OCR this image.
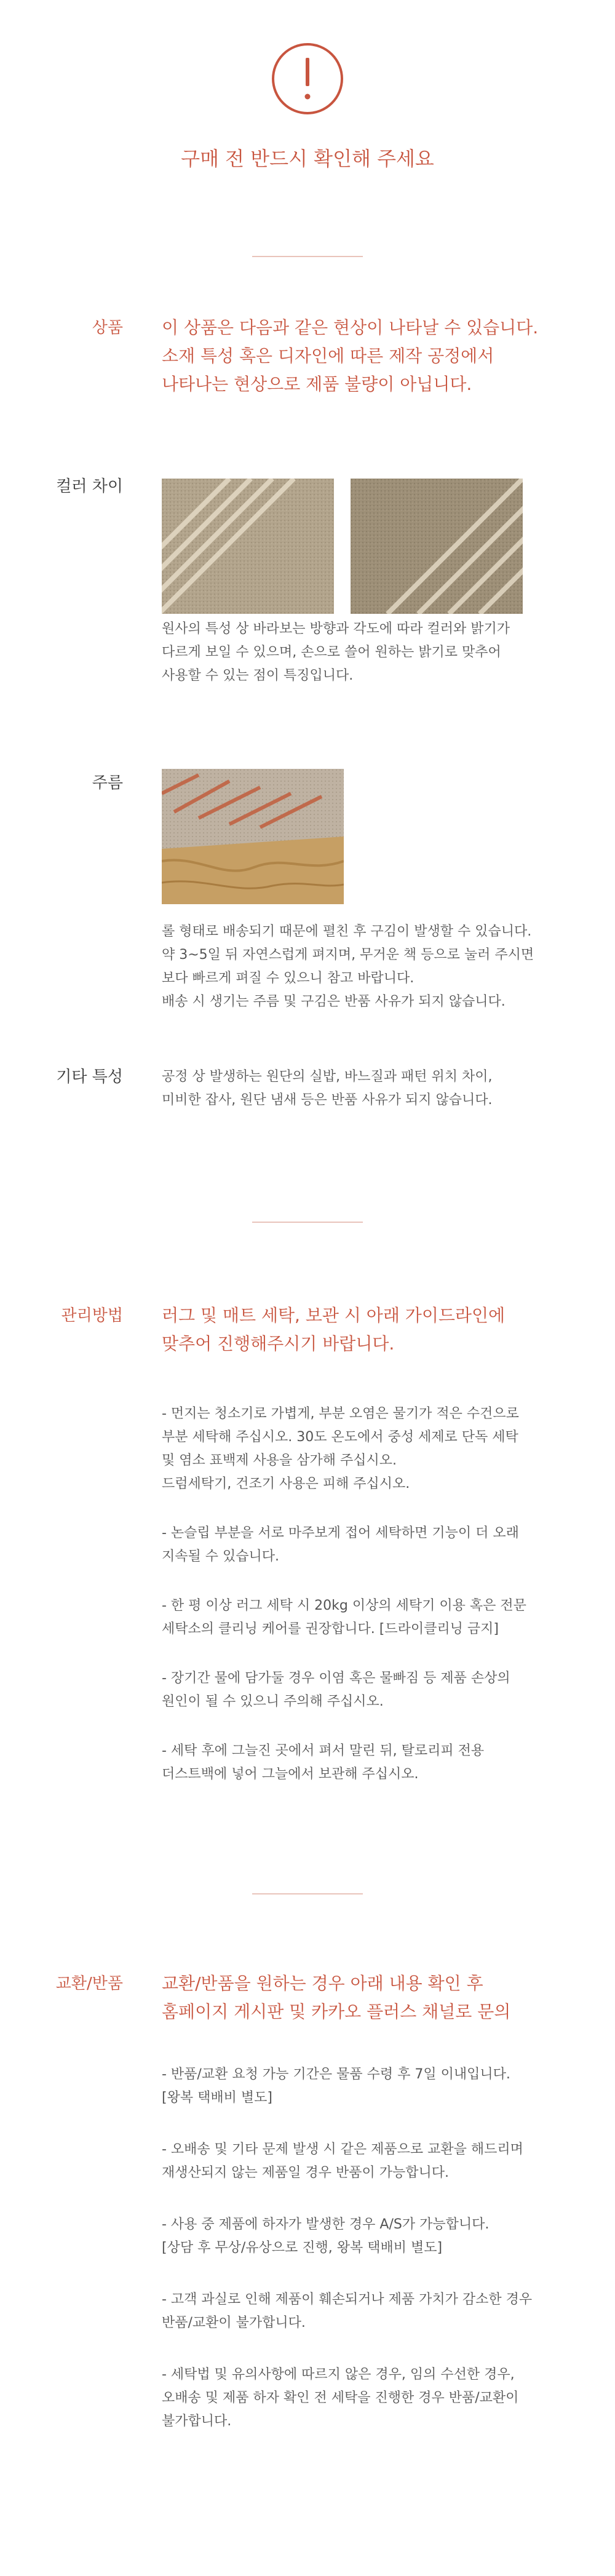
구매 전 반드시 확인해 주세요
상품 이 상품은 다음과 같은 현상이 나타날 수 있습니다.
소재 특성 혹은 디자인에 따른 제작 공정에서
나타나는 현상으로 제품 불량이 아닙니다.
컬러 차이
원사의 특성 상 바라보는 방향과 각도에 따라 컬러와 밝기가
다르게 보일 수 있으며, 손으로 쓸어 원하는 밝기로 맞추어
사용할 수 있는 점이 특징입니다.
주름
롤 형태로 배송되기 때문에 펼친 후 구김이 발생할 수 있습니다.
약 3~5일 뒤 자연스럽게 펴지며, 무거운 책 등으로 눌러 주시면
보다 빠르게 펴질 수 있으니 참고 바랍니다.
배송 시 생기는 주름 및 구김은 반품 사유가 되지 않습니다.
기타 특성	공정 상 발생하는 원단의 실밥, 바느질과 패턴 위치 차이,
미비한 잡사, 원단 냄새 등은 반품 사유가 되지 않습니다.
관리방법 러그 및 매트 세탁, 보관 시 아래 가이드라인에
맞추어 진행해주시기 바랍니다.
- 먼지는 청소기로 가볍게, 부분 오염은 물기가 적은 수건으로
부분 세탁해 주십시오. 30도 온도에서 중성 세제로 단독 세탁
및 염소 표백제 사용을 삼가해 주십시오.
드럼세탁기, 건조기 사용은 피해 주십시오.
- 논슬립 부분을 서로 마주보게 접어 세탁하면 기능이 더 오래
지속될 수 있습니다.
- 한 평 이상 러그 세탁 시 20kg 이상의 세탁기 이용 혹은 전문
세탁소의 클리닝 케어를 권장합니다. [드라이클리닝 금지]
- 장기간 물에 담가둘 경우 이염 혹은 물빠짐 등 제품 손상의
원인이 될 수 있으니 주의해 주십시오.
- 세탁 후에 그늘진 곳에서 펴서 말린 뒤, 탈로리피 전용
더스트백에 넣어 그늘에서 보관해 주십시오.
교환/반품 교환/반품을 원하는 경우 아래 내용 확인 후
홈페이지 게시판 및 카카오 플러스 채널로 문의
- 반품/교환 요청 가능 기간은 물품 수령 후 7일 이내입니다.
[왕복 택배비 별도]
- 오배송 및 기타 문제 발생 시 같은 제품으로 교환을 해드리며
재생산되지 않는 제품일 경우 반품이 가능합니다.
- 사용 중 제품에 하자가 발생한 경우 A/S가 가능합니다.
[상담 후 무상/유상으로 진행, 왕복 택배비 별도]
- 고객 과실로 인해 제품이 훼손되거나 제품 가치가 감소한 경우
반품/교환이 불가합니다.
- 세탁법 및 유의사항에 따르지 않은 경우, 임의 수선한 경우,
오배송 및 제품 하자 확인 전 세탁을 진행한 경우 반품/교환이
불가합니다.
